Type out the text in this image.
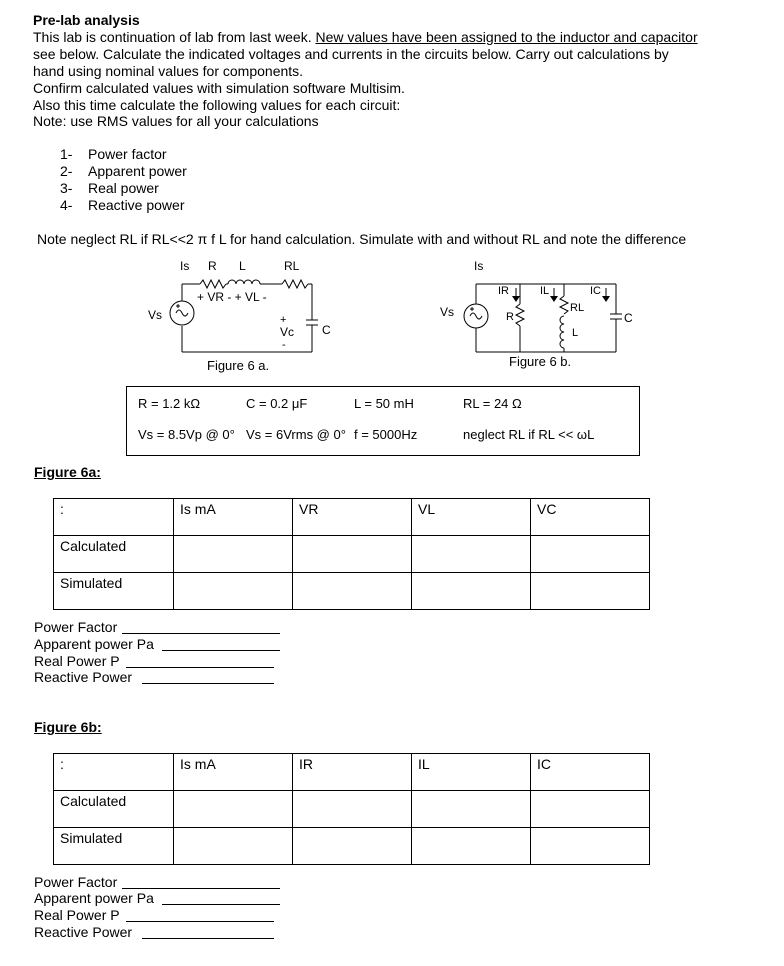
Pre-lab analysis
This lab is continuation of lab from last week. New values have been assigned to the inductor and capacitor
see below. Calculate the indicated voltages and currents in the circuits below. Carry out calculations by
hand using nominal values for components.
Confirm calculated values with simulation software Multisim.
Also this time calculate the following values for each circuit:
Note: use RMS values for all your calculations
1- Power factor
2- Apparent power
3- Real power
4- Reactive power
Note neglect RL if RL<<2 π f L for hand calculation. Simulate with and without RL and note the difference
Is R L	RL
+ VR - + VL -
Vs	+
Vc
-
C
Figure 6 a.
Is
Vs
IR	IL	IC
R
RL
L
C
Figure 6 b.
R = 1.2 kΩ	C = 0.2 μF	L = 50 mH	RL = 24 Ω
Vs = 8.5Vp @ 0° Vs = 6Vrms @ 0° f = 5000Hz	neglect RL if RL << ωL
Figure 6a:
:	Is mA	VR	VL	VC
Calculated				
Simulated				
Power Factor
Apparent power Pa
Real Power P
Reactive Power
Figure 6b:
:	Is mA	IR	IL	IC
Calculated				
Simulated				
Power Factor
Apparent power Pa
Real Power P
Reactive Power
